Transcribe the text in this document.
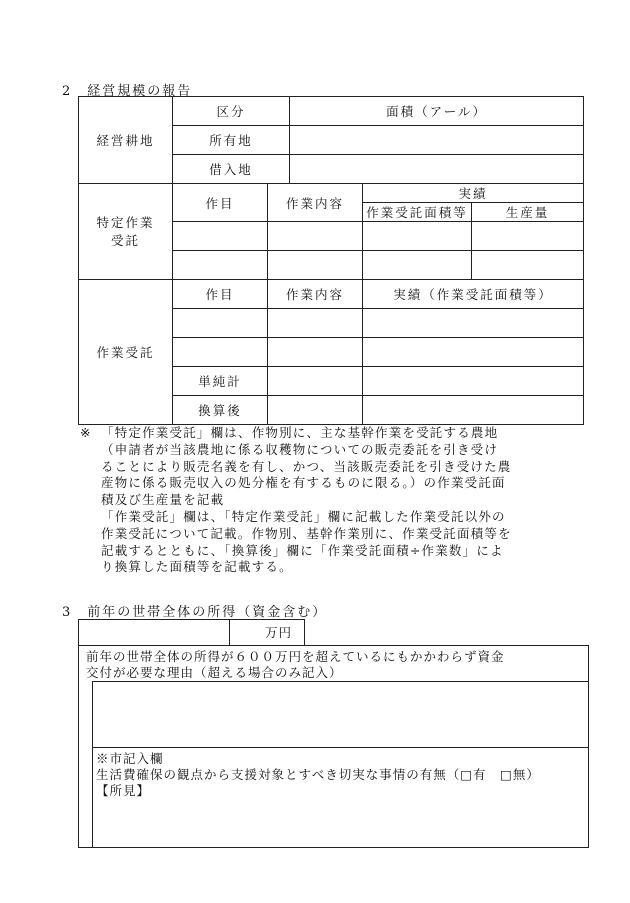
2　経営規模の報告
経営耕地	区分		面積（アール）		
	所有地				
	借入地				
特定作業
受託	作目	作業内容		実績	
				作業受託面積等	生産量

作業受託	作目	作業内容		実績（作業受託面積等）	

	単純計				
	換算後				
※ 「特定作業受託」欄は、作物別に、主な基幹作業を受託する農地
（申請者が当該農地に係る収穫物についての販売委託を引き受け
ることにより販売名義を有し、かつ、当該販売委託を引き受けた農
産物に係る販売収入の処分権を有するものに限る。）の作業受託面
積及び生産量を記載
「作業受託」欄は、「特定作業受託」欄に記載した作業受託以外の
作業受託について記載。作物別、基幹作業別に、作業受託面積等を
記載するとともに、「換算後」欄に「作業受託面積÷作業数」によ
り換算した面積等を記載する。
3　前年の世帯全体の所得（資金含む）
万円
前年の世帯全体の所得が６００万円を超えているにもかかわらず資金
交付が必要な理由（超える場合のみ記入）
※市記入欄
生活費確保の観点から支援対象とすべき切実な事情の有無（□有　□無）
【所見】
